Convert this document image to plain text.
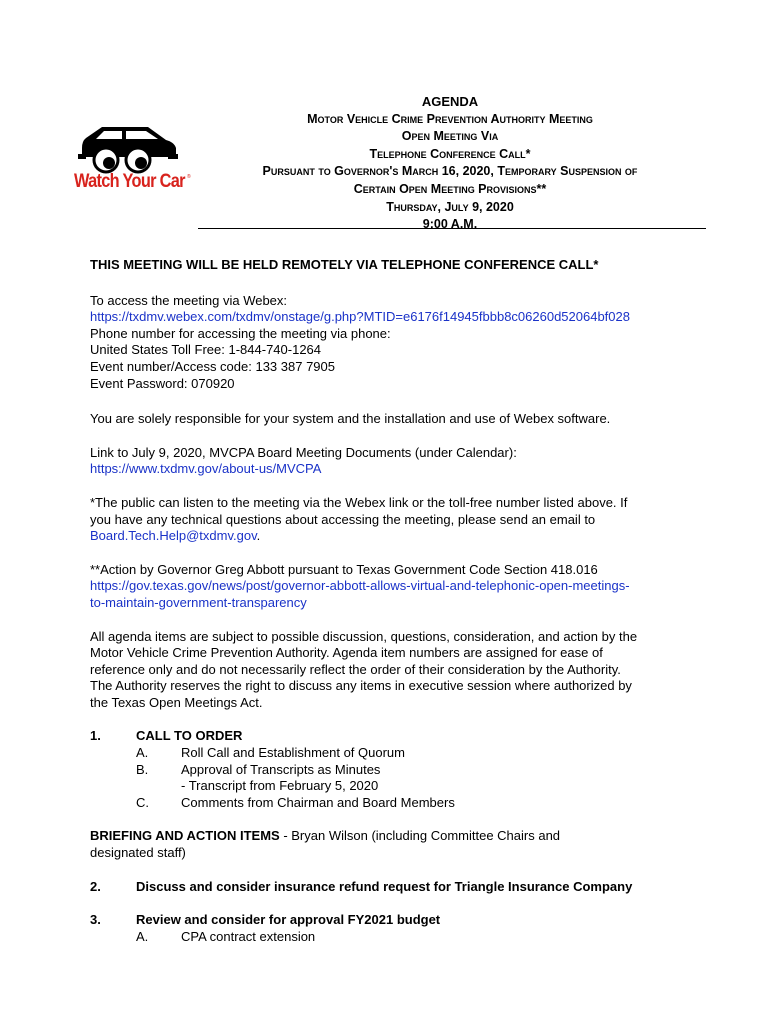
Watch Your Car ®
AGENDA
Motor Vehicle Crime Prevention Authority Meeting
Open Meeting Via
Telephone Conference Call*
Pursuant to Governor's March 16, 2020, Temporary Suspension of
Certain Open Meeting Provisions**
Thursday, July 9, 2020
9:00 A.M.

THIS MEETING WILL BE HELD REMOTELY VIA TELEPHONE CONFERENCE CALL*

To access the meeting via Webex:

https://txdmv.webex.com/txdmv/onstage/g.php?MTID=e6176f14945fbbb8c06260d52064bf028

Phone number for accessing the meeting via phone:

United States Toll Free: 1-844-740-1264

Event number/Access code: 133 387 7905

Event Password: 070920

You are solely responsible for your system and the installation and use of Webex software.

Link to July 9, 2020, MVCPA Board Meeting Documents (under Calendar):

https://www.txdmv.gov/about-us/MVCPA

*The public can listen to the meeting via the Webex link or the toll-free number listed above. If

you have any technical questions about accessing the meeting, please send an email to

Board.Tech.Help@txdmv.gov.

**Action by Governor Greg Abbott pursuant to Texas Government Code Section 418.016

https://gov.texas.gov/news/post/governor-abbott-allows-virtual-and-telephonic-open-meetings-

to-maintain-government-transparency

All agenda items are subject to possible discussion, questions, consideration, and action by the

Motor Vehicle Crime Prevention Authority. Agenda item numbers are assigned for ease of

reference only and do not necessarily reflect the order of their consideration by the Authority.

The Authority reserves the right to discuss any items in executive session where authorized by

the Texas Open Meetings Act.

1.	CALL TO ORDER
A.	Roll Call and Establishment of Quorum
B.	Approval of Transcripts as Minutes
- Transcript from February 5, 2020
C. Comments from Chairman and Board Members

BRIEFING AND ACTION ITEMS - Bryan Wilson (including Committee Chairs and

designated staff)

2.	Discuss and consider insurance refund request for Triangle Insurance Company
3.	Review and consider for approval FY2021 budget
A.	CPA contract extension
